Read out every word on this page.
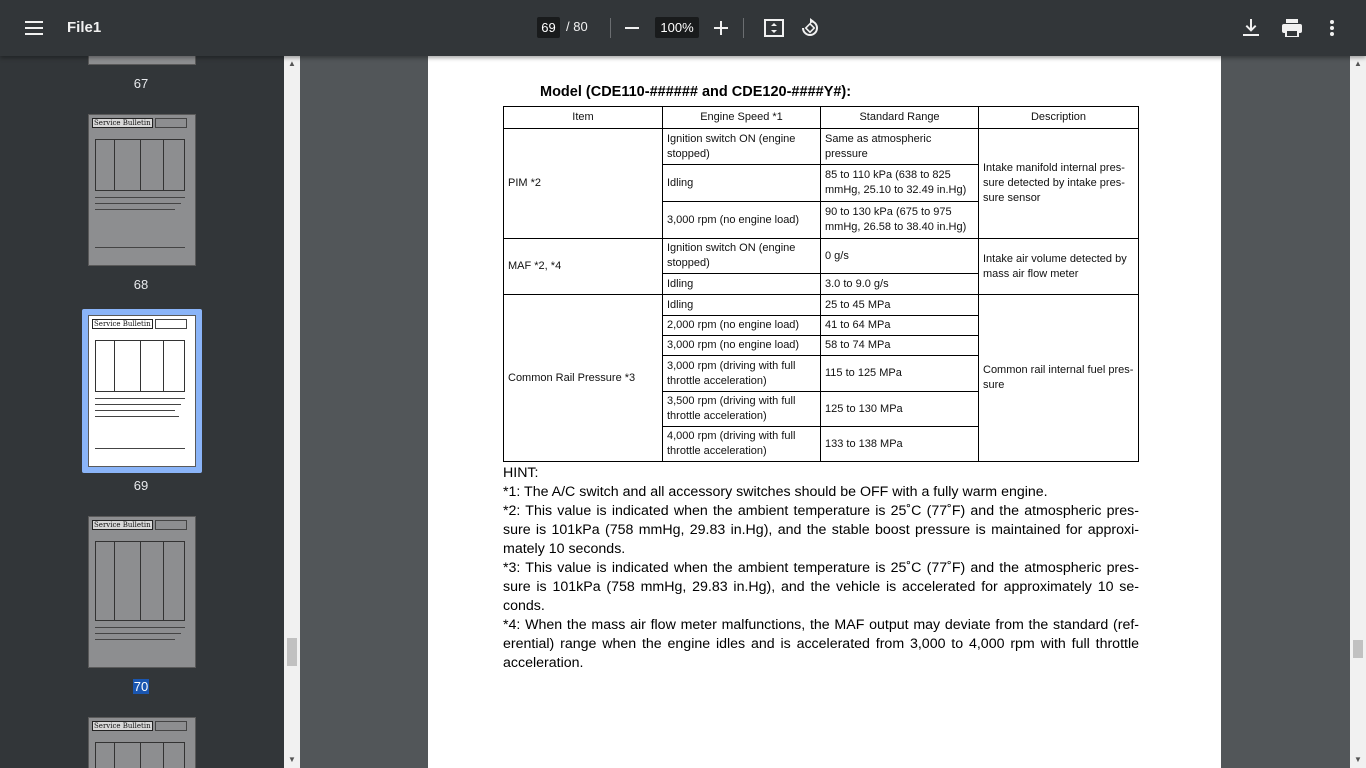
File1	69 / 80	100%
67
Service Bulletin
68
Service Bulletin
69
Service Bulletin
70
Service Bulletin
▲
▼
Model (CDE110-###### and CDE120-####Y#):
Item	Engine Speed *1	Standard Range	Description
PIM *2	Ignition switch ON (engine stopped)	Same as atmospheric pressure	Intake manifold internal pres-sure detected by intake pres-sure sensor
	Idling	85 to 110 kPa (638 to 825 mmHg, 25.10 to 32.49 in.Hg)	
	3,000 rpm (no engine load)	90 to 130 kPa (675 to 975 mmHg, 26.58 to 38.40 in.Hg)	
MAF *2, *4	Ignition switch ON (engine stopped)	0 g/s	Intake air volume detected by mass air flow meter
	Idling	3.0 to 9.0 g/s	
Common Rail Pressure *3	Idling	25 to 45 MPa	Common rail internal fuel pres-sure
	2,000 rpm (no engine load)	41 to 64 MPa	
	3,000 rpm (no engine load)	58 to 74 MPa	
	3,000 rpm (driving with full throttle acceleration)	115 to 125 MPa	
	3,500 rpm (driving with full throttle acceleration)	125 to 130 MPa	
	4,000 rpm (driving with full throttle acceleration)	133 to 138 MPa	

HINT:

*1: The A/C switch and all accessory switches should be OFF with a fully warm engine.

*2: This value is indicated when the ambient temperature is 25˚C (77˚F) and the atmospheric pres-sure is 101kPa (758 mmHg, 29.83 in.Hg), and the stable boost pressure is maintained for approxi-mately 10 seconds.

*3: This value is indicated when the ambient temperature is 25˚C (77˚F) and the atmospheric pres-sure is 101kPa (758 mmHg, 29.83 in.Hg), and the vehicle is accelerated for approximately 10 se-conds.

*4: When the mass air flow meter malfunctions, the MAF output may deviate from the standard (ref-erential) range when the engine idles and is accelerated from 3,000 to 4,000 rpm with full throttle acceleration.

▲
▼
